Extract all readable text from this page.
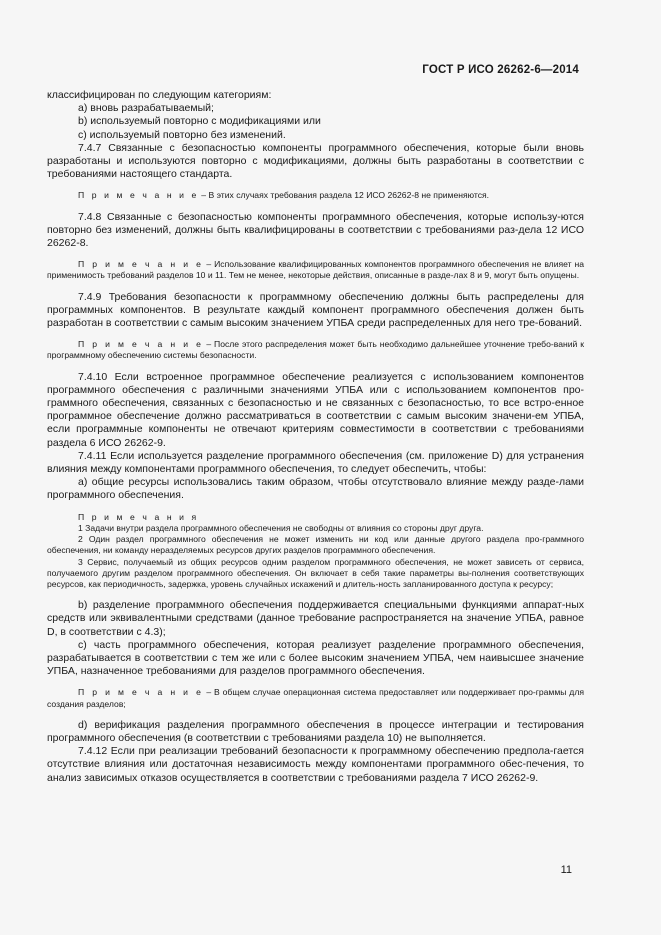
ГОСТ Р ИСО 26262-6—2014

классифицирован по следующим категориям:

a) вновь разрабатываемый;

b) используемый повторно с модификациями или

c) используемый повторно без изменений.

7.4.7 Связанные с безопасностью компоненты программного обеспечения, которые были вновь разработаны и используются повторно с модификациями, должны быть разработаны в соответствии с требованиями настоящего стандарта.

П р и м е ч а н и е – В этих случаях требования раздела 12 ИСО 26262-8 не применяются.

7.4.8 Связанные с безопасностью компоненты программного обеспечения, которые использу-ются повторно без изменений, должны быть квалифицированы в соответствии с требованиями раз-дела 12 ИСО 26262-8.

П р и м е ч а н и е – Использование квалифицированных компонентов программного обеспечения не влияет на применимость требований разделов 10 и 11. Тем не менее, некоторые действия, описанные в разде-лах 8 и 9, могут быть опущены.

7.4.9 Требования безопасности к программному обеспечению должны быть распределены для программных компонентов. В результате каждый компонент программного обеспечения должен быть разработан в соответствии с самым высоким значением УПБА среди распределенных для него тре-бований.

П р и м е ч а н и е – После этого распределения может быть необходимо дальнейшее уточнение требо-ваний к программному обеспечению системы безопасности.

7.4.10 Если встроенное программное обеспечение реализуется с использованием компонентов программного обеспечения с различными значениями УПБА или с использованием компонентов про-граммного обеспечения, связанных с безопасностью и не связанных с безопасностью, то все встро-енное программное обеспечение должно рассматриваться в соответствии с самым высоким значени-ем УПБА, если программные компоненты не отвечают критериям совместимости в соответствии с требованиями раздела 6 ИСО 26262-9.

7.4.11 Если используется разделение программного обеспечения (см. приложение D) для устранения влияния между компонентами программного обеспечения, то следует обеспечить, чтобы:

a) общие ресурсы использовались таким образом, чтобы отсутствовало влияние между разде-лами программного обеспечения.

П р и м е ч а н и я

1 Задачи внутри раздела программного обеспечения не свободны от влияния со стороны друг друга.

2 Один раздел программного обеспечения не может изменить ни код или данные другого раздела про-граммного обеспечения, ни команду неразделяемых ресурсов других разделов программного обеспечения.

3 Сервис, получаемый из общих ресурсов одним разделом программного обеспечения, не может зависеть от сервиса, получаемого другим разделом программного обеспечения. Он включает в себя такие параметры вы-полнения соответствующих ресурсов, как периодичность, задержка, уровень случайных искажений и длитель-ность запланированного доступа к ресурсу;

b) разделение программного обеспечения поддерживается специальными функциями аппарат-ных средств или эквивалентными средствами (данное требование распространяется на значение УПБА, равное D, в соответствии с 4.3);

c) часть программного обеспечения, которая реализует разделение программного обеспечения, разрабатывается в соответствии с тем же или с более высоким значением УПБА, чем наивысшее значение УПБА, назначенное требованиями для разделов программного обеспечения.

П р и м е ч а н и е – В общем случае операционная система предоставляет или поддерживает про-граммы для создания разделов;

d) верификация разделения программного обеспечения в процессе интеграции и тестирования программного обеспечения (в соответствии с требованиями раздела 10) не выполняется.

7.4.12 Если при реализации требований безопасности к программному обеспечению предпола-гается отсутствие влияния или достаточная независимость между компонентами программного обес-печения, то анализ зависимых отказов осуществляется в соответствии с требованиями раздела 7 ИСО 26262-9.

11
